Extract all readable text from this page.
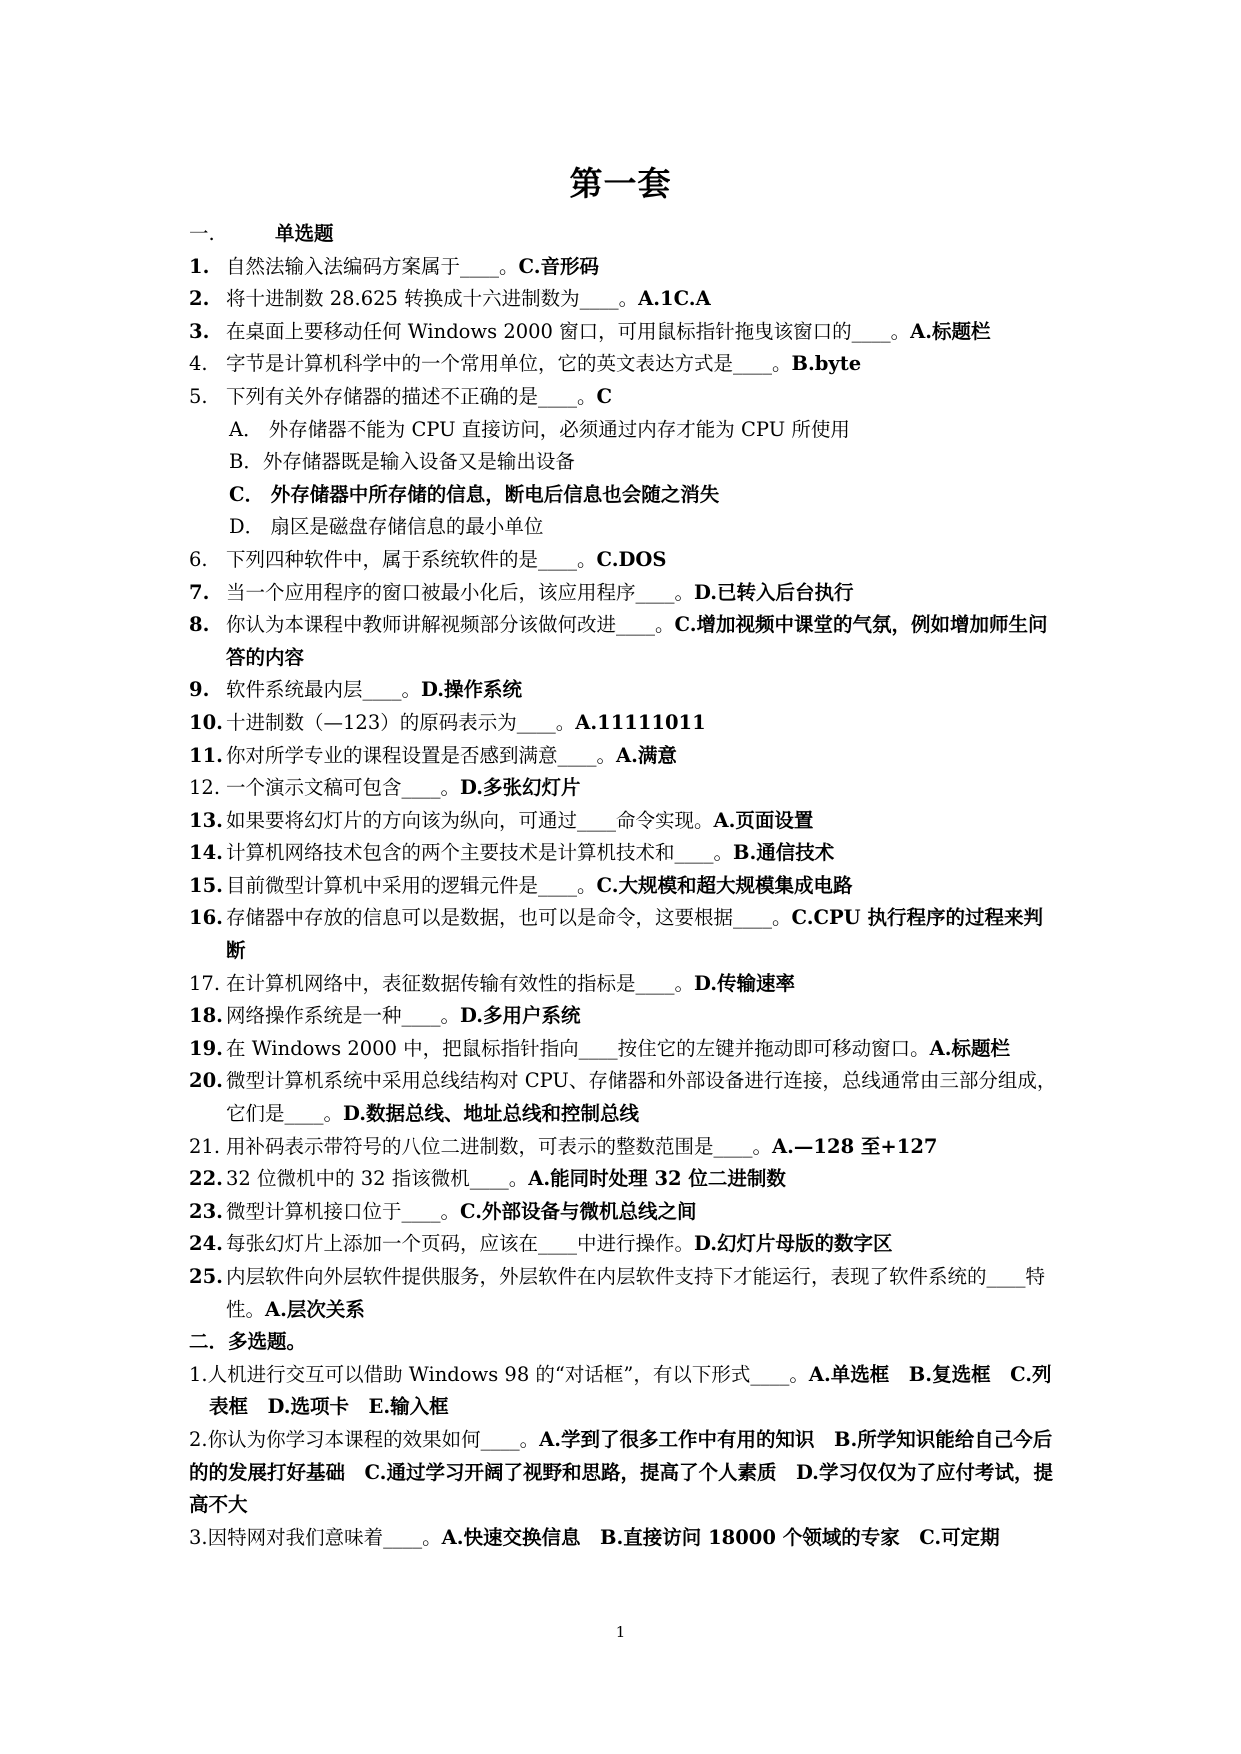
第一套
一.	单选题
1. 自然法输入法编码方案属于____。C.音形码
2. 将十进制数 28.625 转换成十六进制数为____。A.1C.A
3. 在桌面上要移动任何 Windows 2000 窗口，可用鼠标指针拖曳该窗口的____。A.标题栏
4. 字节是计算机科学中的一个常用单位，它的英文表达方式是____。B.byte
5. 下列有关外存储器的描述不正确的是____。C
A． 外存储器不能为 CPU 直接访问，必须通过内存才能为 CPU 所使用
B．外存储器既是输入设备又是输出设备
C． 外存储器中所存储的信息，断电后信息也会随之消失
D． 扇区是磁盘存储信息的最小单位
6. 下列四种软件中，属于系统软件的是____。C.DOS
7. 当一个应用程序的窗口被最小化后，该应用程序____。D.已转入后台执行
8. 你认为本课程中教师讲解视频部分该做何改进____。C.增加视频中课堂的气氛，例如增加师生问答的内容
9. 软件系统最内层____。D.操作系统
10. 十进制数（—123）的原码表示为____。A.11111011
11. 你对所学专业的课程设置是否感到满意____。A.满意
12. 一个演示文稿可包含____。D.多张幻灯片
13. 如果要将幻灯片的方向该为纵向，可通过____命令实现。A.页面设置
14. 计算机网络技术包含的两个主要技术是计算机技术和____。B.通信技术
15. 目前微型计算机中采用的逻辑元件是____。C.大规模和超大规模集成电路
16. 存储器中存放的信息可以是数据，也可以是命令，这要根据____。C.CPU 执行程序的过程来判断
17. 在计算机网络中，表征数据传输有效性的指标是____。D.传输速率
18. 网络操作系统是一种____。D.多用户系统
19. 在 Windows 2000 中，把鼠标指针指向____按住它的左键并拖动即可移动窗口。A.标题栏
20. 微型计算机系统中采用总线结构对 CPU、存储器和外部设备进行连接，总线通常由三部分组成，它们是____。D.数据总线、地址总线和控制总线
21. 用补码表示带符号的八位二进制数，可表示的整数范围是____。A.—128 至+127
22. 32 位微机中的 32 指该微机____。A.能同时处理 32 位二进制数
23. 微型计算机接口位于____。C.外部设备与微机总线之间
24. 每张幻灯片上添加一个页码，应该在____中进行操作。D.幻灯片母版的数字区
25. 内层软件向外层软件提供服务，外层软件在内层软件支持下才能运行，表现了软件系统的____特性。A.层次关系
二．多选题。
1.人机进行交互可以借助 Windows 98 的“对话框”，有以下形式____。A.单选框　B.复选框　C.列表框　D.选项卡　E.输入框
2.你认为你学习本课程的效果如何____。A.学到了很多工作中有用的知识　B.所学知识能给自己今后的的发展打好基础　C.通过学习开阔了视野和思路，提高了个人素质　D.学习仅仅为了应付考试，提高不大
3.因特网对我们意味着____。A.快速交换信息　B.直接访问 18000 个领域的专家　C.可定期
1
